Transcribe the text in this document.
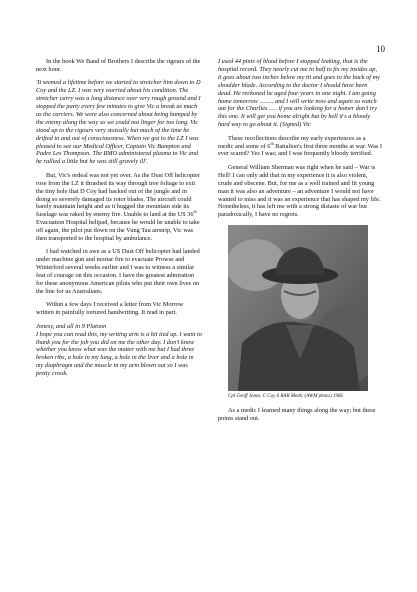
10

In the book We Band of Brothers I describe the rigours of the next hour.

'It seemed a lifetime before we started to stretcher him down to D Coy and the LZ. I was very worried about his condition. The stretcher carry was a long distance over very rough ground and I stopped the party every few minutes to give Vic a break as much as the carriers. We were also concerned about being bumped by the enemy along the way so we could not linger for too long. Vic stood up to the rigours very stoically but much of the time he drifted in and out of consciousness. When we got to the LZ I was pleased to see our Medical Officer, Captain Vic Bampton and Padre Les Thompson. The RMO administered plasma to Vic and he rallied a little but he was still gravely ill'.

But, Vic's ordeal was not yet over. As the Dust Off helicopter rose from the LZ it thrashed its way through tree foliage to exit the tiny hole that D Coy had hacked out of the jungle and in doing so severely damaged its rotor blades. The aircraft could barely maintain height and as it hugged the mountain side its fuselage was raked by enemy fire. Unable to land at the US 36th Evacuation Hospital helipad, because he would be unable to take off again, the pilot put down on the Vung Tau airstrip, Vic was then transported to the hospital by ambulance.

I had watched in awe as a US Dust Off helicopter had landed under machine gun and mortar fire to evacuate Prowse and Winterford several weeks earlier and I was to witness a similar feat of courage on this occasion. I have the greatest admiration for these anonymous American pilots who put their own lives on the line for us Australians.

Within a few days I received a letter from Vic Morrow written in painfully tortured handwriting. It read in part.

Jonesy, and all in 9 Platoon

I hope you can read this, my writing arm is a bit tied up. I want to thank you for the job you did on me the other day. I don't know whether you know what was the matter with me but I had three broken ribs, a hole in my lung, a hole in the liver and a hole in my diaphragm and the muscle in my arm blown out so I was pretty crook.

I used 44 pints of blood before I stopped leaking, that is the hospital record. They nearly cut me in half to fix my insides up, it goes about two inches below my tit and goes to the back of my shoulder blade. According to the doctor I should have been dead. He reckoned he aged four years in one night. I am going home tomorrow ......... and I will write now and again so watch out for the Charlies ..... if you are looking for a homer don't try this one. It will get you home alright but by hell it's a bloody hard way to go about it. (Signed) Vic

These recollections describe my early experiences as a medic and some of 6th Battalion's first three months at war. Was I ever scared? Yes I was; and I was frequently bloody terrified.

General William Sherman was right when he said – War is Hell! I can only add that in my experience it is also violent, crude and obscene. But, for me as a well trained and fit young man it was also an adventure – an adventure I would not have wanted to miss and it was an experience that has shaped my life. Nonetheless, it has left me with a strong distaste of war but paradoxically, I have no regrets.

Cpl Geoff Jones, C Coy 6 RAR Medic (AWM photo) 1966

As a medic I learned many things along the way; but these points stand out.
